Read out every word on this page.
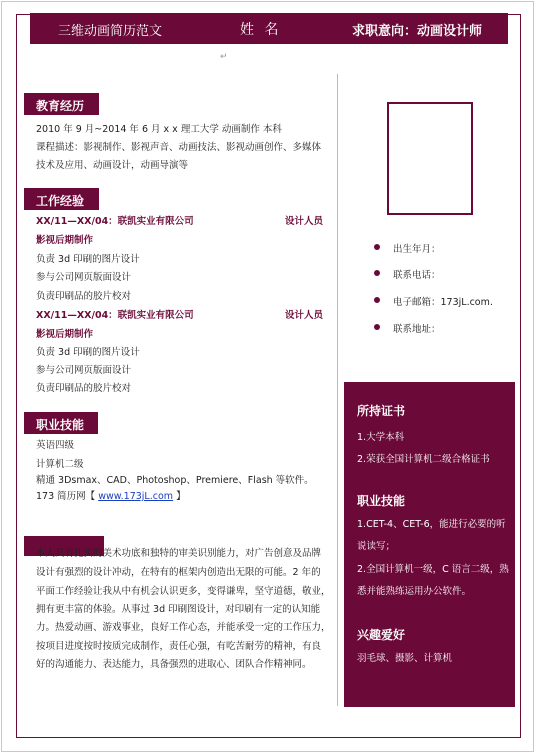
三维动画简历范文	姓 名	求职意向：动画设计师
↵
教育经历
2010 年 9 月~2014 年 6 月 x x 理工大学 动画制作 本科
课程描述：影视制作、影视声音、动画技法、影视动画创作、多媒体
技术及应用、动画设计，动画导演等
工作经验
XX/11—XX/04：联凯实业有限公司	设计人员
影视后期制作
负责 3d 印刷的图片设计
参与公司网页版面设计
负责印刷品的胶片校对
XX/11—XX/04：联凯实业有限公司	设计人员
影视后期制作
负责 3d 印刷的图片设计
参与公司网页版面设计
负责印刷品的胶片校对
职业技能
英语四级
计算机二级
精通 3Dsmax、CAD、Photoshop、Premiere、Flash 等软件。
173 简历网【 www.173jL.com 】
本人具有扎实的美术功底和独特的审美识别能力，对广告创意及品牌
设计有强烈的设计冲动，在特有的框架内创造出无限的可能。2 年的
平面工作经验让我从中有机会认识更多，变得谦卑，坚守道德，敬业，
拥有更丰富的体验。从事过 3d 印刷图设计，对印刷有一定的认知能
力。热爱动画、游戏事业，良好工作心态，并能承受一定的工作压力，
按项目进度按时按质完成制作，责任心强，有吃苦耐劳的精神，有良
好的沟通能力、表达能力，具备强烈的进取心、团队合作精神同。
出生年月：
联系电话：
电子邮箱：173jL.com.
联系地址：
所持证书
1.大学本科
2.荣获全国计算机二级合格证书
职业技能
1.CET-4、CET-6，能进行必要的听
说读写；
2.全国计算机一级，C 语言二级，熟
悉并能熟练运用办公软件。
兴趣爱好
羽毛球、摄影、计算机
